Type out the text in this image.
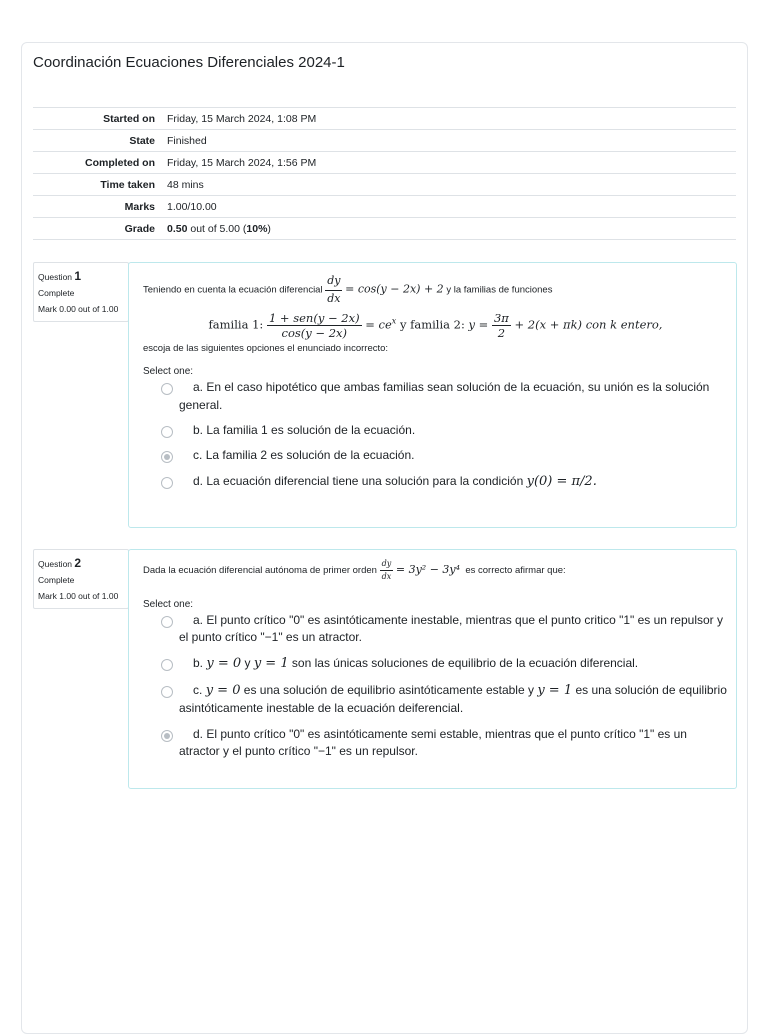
Coordinación Ecuaciones Diferenciales 2024-1
Started on	Friday, 15 March 2024, 1:08 PM
State	Finished
Completed on	Friday, 15 March 2024, 1:56 PM
Time taken	48 mins
Marks	1.00/10.00
Grade	0.50 out of 5.00 (10%)
Question 1
Complete
Mark 0.00 out of 1.00
Teniendo en cuenta la ecuación diferencial $\frac{dy}{dx} = \cos(y - 2x) + 2$ y la familias de funciones
familia 1: $\frac{\text{1 + sen(y − 2x)}}{\cos(y - 2x)} = ce^x$ y familia 2: $y = \frac{3\pi}{2} + 2(x + \pi k)$ con k entero,
escoja de las siguientes opciones el enunciado incorrecto:
Select one:
a. En el caso hipotético que ambas familias sean solución de la ecuación, su unión es la solución general.
b. La familia 1 es solución de la ecuación.
c. La familia 2 es solución de la ecuación.
d. La ecuación diferencial tiene una solución para la condición y(0) = π/2.
Question 2
Complete
Mark 1.00 out of 1.00
Dada la ecuación diferencial autónoma de primer orden $\frac{dy}{dx} = 3y^2 - 3y^4$ es correcto afirmar que:
Select one:
a. El punto crítico "0" es asintóticamente inestable, mientras que el punto critico "1" es un repulsor y el punto crítico "−1" es un atractor.
b. y = 0 y y = 1 son las únicas soluciones de equilibrio de la ecuación diferencial.
c. y = 0 es una solución de equilibrio asintóticamente estable y y = 1 es una solución de equilibrio asintóticamente inestable de la ecuación deiferencial.
d. El punto crítico "0" es asintóticamente semi estable, mientras que el punto crítico "1" es un atractor y el punto crítico "−1" es un repulsor.
